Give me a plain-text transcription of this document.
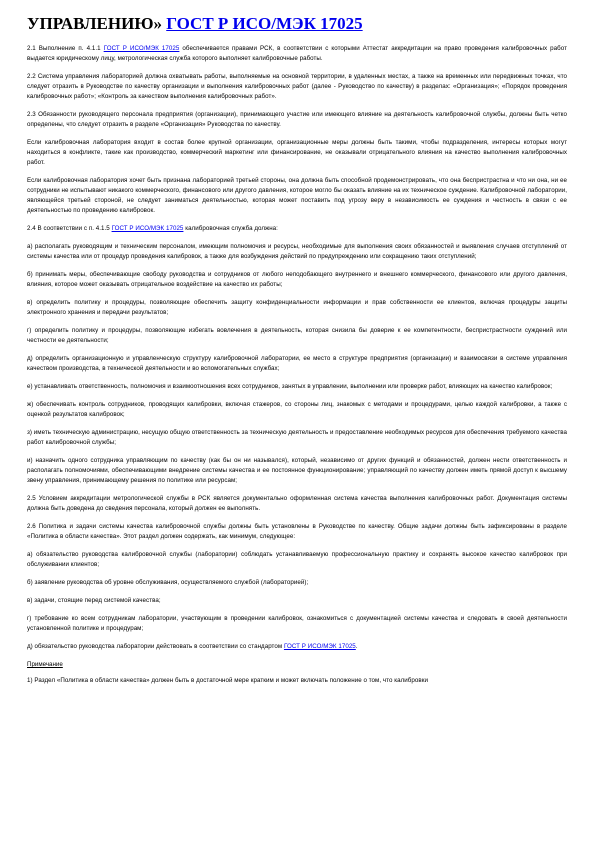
УПРАВЛЕНИЮ» ГОСТ Р ИСО/МЭК 17025
2.1 Выполнение п. 4.1.1 ГОСТ Р ИСО/МЭК 17025 обеспечивается правами РСК, в соответствии с которыми Аттестат аккредитации на право проведения калибровочных работ выдается юридическому лицу, метрологическая служба которого выполняет калибровочные работы.
2.2 Система управления лабораторией должна охватывать работы, выполняемые на основной территории, в удаленных местах, а также на временных или передвижных точках, что следует отразить в Руководстве по качеству организации и выполнения калибровочных работ (далее - Руководство по качеству) в разделах: «Организация»; «Порядок проведения калибровочных работ»; «Контроль за качеством выполнения калибровочных работ».
2.3 Обязанности руководящего персонала предприятия (организации), принимающего участие или имеющего влияние на деятельность калибровочной службы, должны быть четко определены, что следует отразить в разделе «Организация» Руководства по качеству.
Если калибровочная лаборатория входит в состав более крупной организации, организационные меры должны быть такими, чтобы подразделения, интересы которых могут находиться в конфликте, такие как производство, коммерческий маркетинг или финансирование, не оказывали отрицательного влияния на качество выполнения калибровочных работ.
Если калибровочная лаборатория хочет быть признана лабораторией третьей стороны, она должна быть способной продемонстрировать, что она беспристрастна и что ни она, ни ее сотрудники не испытывают никакого коммерческого, финансового или другого давления, которое могло бы оказать влияние на их техническое суждение. Калибровочной лаборатории, являющейся третьей стороной, не следует заниматься деятельностью, которая может поставить под угрозу веру в независимость ее суждения и честность в связи с ее деятельностью по проведению калибровок.
2.4 В соответствии с п. 4.1.5 ГОСТ Р ИСО/МЭК 17025 калибровочная служба должна:
а) располагать руководящим и техническим персоналом, имеющим полномочия и ресурсы, необходимые для выполнения своих обязанностей и выявления случаев отступлений от системы качества или от процедур проведения калибровок, а также для возбуждения действий по предупреждению или сокращению таких отступлений;
б) принимать меры, обеспечивающие свободу руководства и сотрудников от любого неподобающего внутреннего и внешнего коммерческого, финансового или другого давления, влияния, которое может оказывать отрицательное воздействие на качество их работы;
в) определить политику и процедуры, позволяющие обеспечить защиту конфиденциальности информации и прав собственности ее клиентов, включая процедуры защиты электронного хранения и передачи результатов;
г) определить политику и процедуры, позволяющие избегать вовлечения в деятельность, которая снизила бы доверие к ее компетентности, беспристрастности суждений или честности ее деятельности;
д) определить организационную и управленческую структуру калибровочной лаборатории, ее место в структуре предприятия (организации) и взаимосвязи в системе управления качеством производства, в технической деятельности и во вспомогательных службах;
е) устанавливать ответственность, полномочия и взаимоотношения всех сотрудников, занятых в управлении, выполнении или проверке работ, влияющих на качество калибровок;
ж) обеспечивать контроль сотрудников, проводящих калибровки, включая стажеров, со стороны лиц, знакомых с методами и процедурами, целью каждой калибровки, а также с оценкой результатов калибровок;
з) иметь техническую администрацию, несущую общую ответственность за техническую деятельность и предоставление необходимых ресурсов для обеспечения требуемого качества работ калибровочной службы;
и) назначить одного сотрудника управляющим по качеству (как бы он ни назывался), который, независимо от других функций и обязанностей, должен нести ответственность и располагать полномочиями, обеспечивающими внедрение системы качества и ее постоянное функционирование; управляющий по качеству должен иметь прямой доступ к высшему звену управления, принимающему решения по политике или ресурсам;
2.5 Условием аккредитации метрологической службы в РСК является документально оформленная система качества выполнения калибровочных работ. Документация системы должна быть доведена до сведения персонала, который должен ее выполнять.
2.6 Политика и задачи системы качества калибровочной службы должны быть установлены в Руководстве по качеству. Общие задачи должны быть зафиксированы в разделе «Политика в области качества». Этот раздел должен содержать, как минимум, следующее:
а) обязательство руководства калибровочной службы (лаборатории) соблюдать устанавливаемую профессиональную практику и сохранять высокое качество калибровок при обслуживании клиентов;
б) заявление руководства об уровне обслуживания, осуществляемого службой (лабораторией);
в) задачи, стоящие перед системой качества;
г) требование ко всем сотрудникам лаборатории, участвующим в проведении калибровок, ознакомиться с документацией системы качества и следовать в своей деятельности установленной политике и процедурам;
д) обязательство руководства лаборатории действовать в соответствии со стандартом ГОСТ Р ИСО/МЭК 17025.
Примечание
1) Раздел «Политика в области качества» должен быть в достаточной мере кратким и может включать положение о том, что калибровки
